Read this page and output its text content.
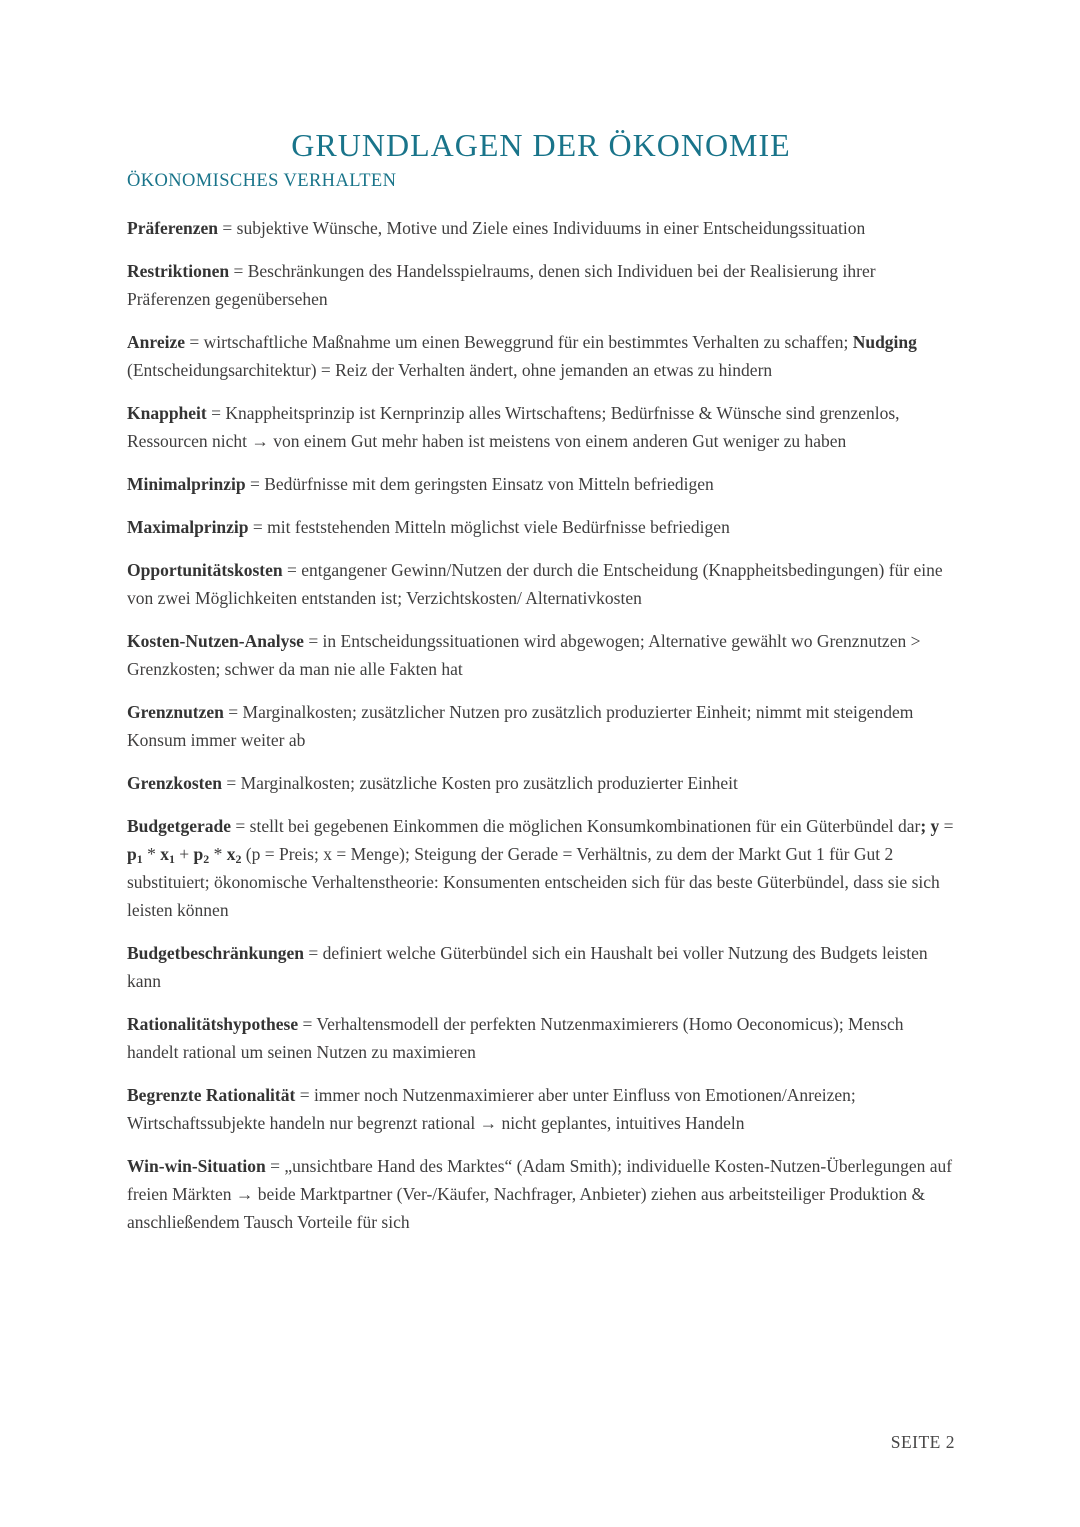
GRUNDLAGEN DER ÖKONOMIE
ÖKONOMISCHES VERHALTEN

Präferenzen = subjektive Wünsche, Motive und Ziele eines Individuums in einer Entscheidungssituation

Restriktionen = Beschränkungen des Handelsspielraums, denen sich Individuen bei der Realisierung ihrer Präferenzen gegenübersehen

Anreize = wirtschaftliche Maßnahme um einen Beweggrund für ein bestimmtes Verhalten zu schaffen; Nudging (Entscheidungsarchitektur) = Reiz der Verhalten ändert, ohne jemanden an etwas zu hindern

Knappheit = Knappheitsprinzip ist Kernprinzip alles Wirtschaftens; Bedürfnisse & Wünsche sind grenzenlos, Ressourcen nicht → von einem Gut mehr haben ist meistens von einem anderen Gut weniger zu haben

Minimalprinzip = Bedürfnisse mit dem geringsten Einsatz von Mitteln befriedigen

Maximalprinzip = mit feststehenden Mitteln möglichst viele Bedürfnisse befriedigen

Opportunitätskosten = entgangener Gewinn/Nutzen der durch die Entscheidung (Knappheitsbedingungen) für eine von zwei Möglichkeiten entstanden ist; Verzichtskosten/ Alternativkosten

Kosten-Nutzen-Analyse = in Entscheidungssituationen wird abgewogen; Alternative gewählt wo Grenznutzen > Grenzkosten; schwer da man nie alle Fakten hat

Grenznutzen = Marginalkosten; zusätzlicher Nutzen pro zusätzlich produzierter Einheit; nimmt mit steigendem Konsum immer weiter ab

Grenzkosten = Marginalkosten; zusätzliche Kosten pro zusätzlich produzierter Einheit

Budgetgerade = stellt bei gegebenen Einkommen die möglichen Konsumkombinationen für ein Güterbündel dar; $y = p_1 * x_1 + p_2 * x_2$ (p = Preis; x = Menge); Steigung der Gerade = Verhältnis, zu dem der Markt Gut 1 für Gut 2 substituiert; ökonomische Verhaltenstheorie: Konsumenten entscheiden sich für das beste Güterbündel, dass sie sich leisten können

Budgetbeschränkungen = definiert welche Güterbündel sich ein Haushalt bei voller Nutzung des Budgets leisten kann

Rationalitätshypothese = Verhaltensmodell der perfekten Nutzenmaximierers (Homo Oeconomicus); Mensch handelt rational um seinen Nutzen zu maximieren

Begrenzte Rationalität = immer noch Nutzenmaximierer aber unter Einfluss von Emotionen/Anreizen; Wirtschaftssubjekte handeln nur begrenzt rational → nicht geplantes, intuitives Handeln

Win-win-Situation = „unsichtbare Hand des Marktes“ (Adam Smith); individuelle Kosten-Nutzen-Überlegungen auf freien Märkten → beide Marktpartner (Ver-/Käufer, Nachfrager, Anbieter) ziehen aus arbeitsteiliger Produktion & anschließendem Tausch Vorteile für sich

SEITE 2
